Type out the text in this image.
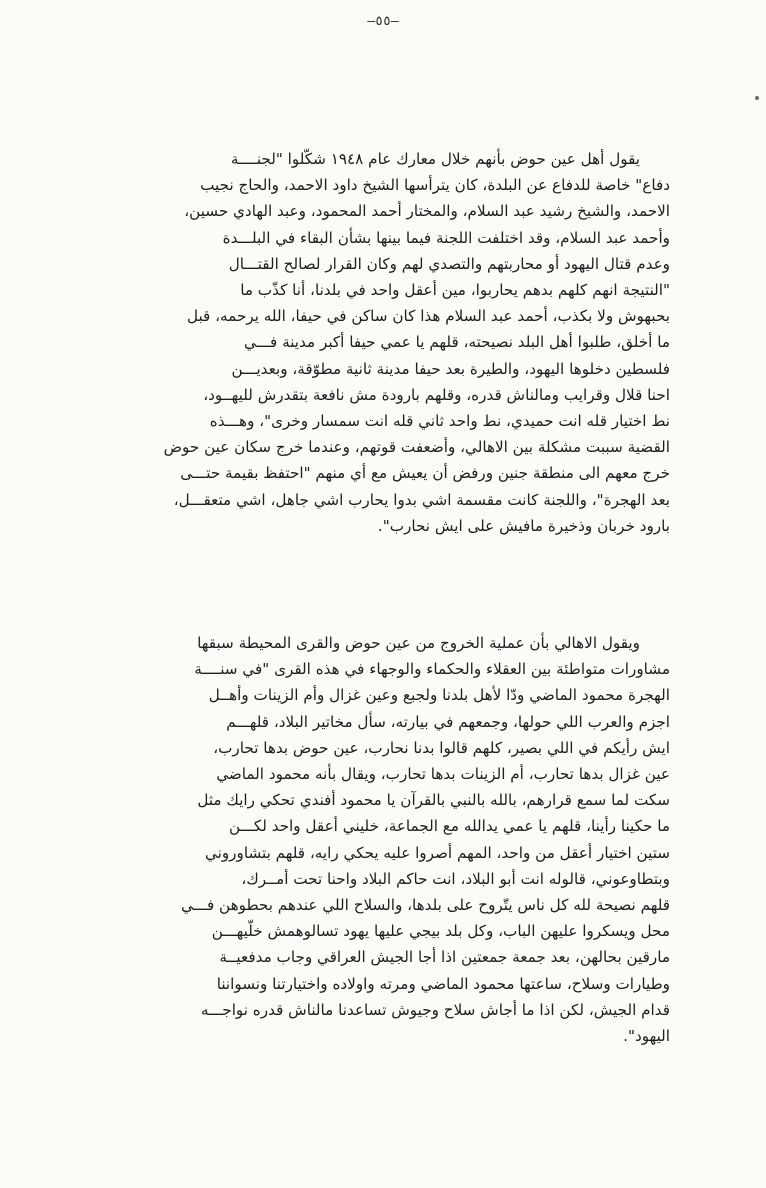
—٥٥—
يقول أهل عين حوض بأنهم خلال معارك عام ١٩٤٨ شكّلوا "لجنــــة
دفاع" خاصة للدفاع عن البلدة، كان يترأسها الشيخ داود الاحمد، والحاج نجيب
الاحمد، والشيخ رشيد عبد السلام، والمختار أحمد المحمود، وعبد الهادي حسين،
وأحمد عبد السلام، وقد اختلفت اللجنة فيما بينها بشأن البقاء في البلـــدة
وعدم قتال اليهود أو محاربتهم والتصدي لهم وكان القرار لصالح القتـــال
"النتيجة انهم كلهم بدهم يحاربوا، مين أعقل واحد في بلدنا، أنا كذّب ما
بحبهوش ولا بكذب، أحمد عبد السلام هذا كان ساكن في حيفا، الله يرحمه، قبل
ما أخلق، طلبوا أهل البلد نصيحته، قلهم يا عمي حيفا أكبر مدينة فـــي
فلسطين دخلوها اليهود، والطيرة بعد حيفا مدينة ثانية مطوّقة، وبعديـــن
احنا قلال وقرايب ومالناش قدره، وقلهم بارودة مش نافعة بتقدرش لليهــود،
نط اختيار قله انت حميدي، نط واحد ثاني قله انت سمسار وخرى"، وهـــذه
القضية سببت مشكلة بين الاهالي، وأضعفت قوتهم، وعندما خرج سكان عين حوض
خرج معهم الى منطقة جنين ورفض أن يعيش مع أي منهم "احتفظ بقيمة حتـــى
بعد الهجرة"، واللجنة كانت مقسمة اشي بدوا يحارب اشي جاهل، اشي متعقـــل،
بارود خربان وذخيرة مافيش على ايش نحارب".
ويقول الاهالي بأن عملية الخروج من عين حوض والقرى المحيطة سبقها
مشاورات متواطئة بين العقلاء والحكماء والوجهاء في هذه القرى "في سنــــة
الهجرة محمود الماضي ودّا لأهل بلدنا ولجبع وعين غزال وأم الزينات وأهــل
اجزم والعرب اللي حولها، وجمعهم في بيارته، سأل مخاتير البلاد، قلهـــم
ايش رأيكم في اللي بصير، كلهم قالوا بدنا نحارب، عين حوض بدها تحارب،
عين غزال بدها تحارب، أم الزينات بدها تحارب، ويقال بأنه محمود الماضي
سكت لما سمع قرارهم، بالله بالنبي بالقرآن يا محمود أفندي تحكي رايك مثل
ما حكينا رأينا، قلهم يا عمي يدالله مع الجماعة، خليني أعقل واحد لكـــن
ستين اختيار أعقل من واحد، المهم أصروا عليه يحكي رايه، قلهم بتشاوروني
وبتطاوعوني، قالوله انت أبو البلاد، انت حاكم البلاد واحنا تحت أمــرك،
قلهم نصيحة لله كل ناس يتّروح على بلدها، والسلاح اللي عندهم بحطوهن فـــي
محل ويسكروا عليهن الباب، وكل بلد بيجي عليها يهود تسالوهمش خلّيهـــن
مارقين بحالهن، بعد جمعة جمعتين اذا أجا الجيش العراقي وجاب مدفعيــة
وطيارات وسلاح، ساعتها محمود الماضي ومرته واولاده واختيارتنا ونسواننا
قدام الجيش، لكن اذا ما أجاش سلاح وجيوش تساعدنا مالناش قدره نواجـــه
اليهود".
